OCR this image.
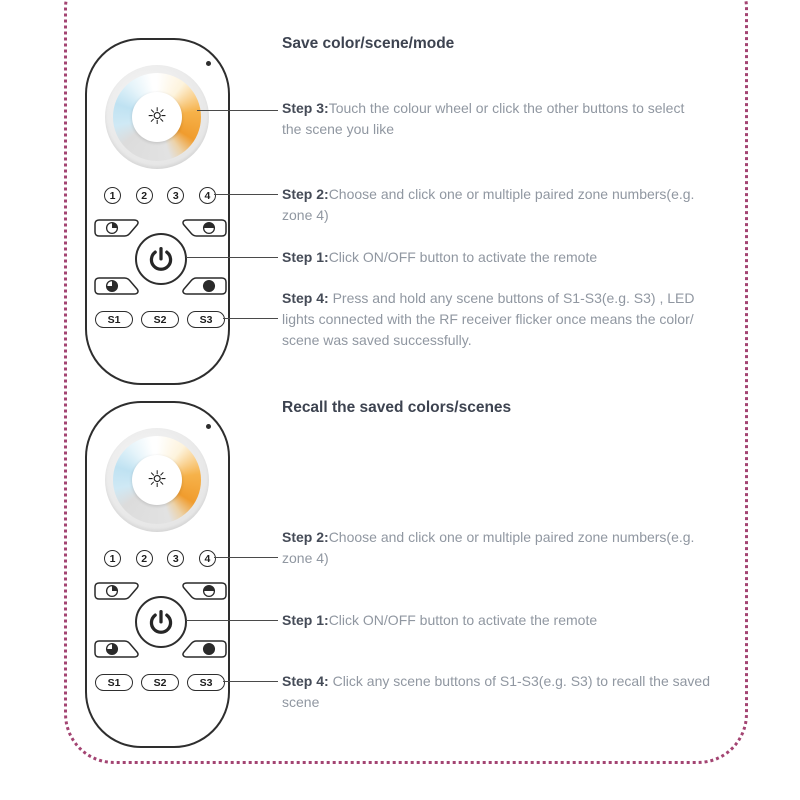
☼
1	2	3	4
S1	S2	S3
☼
1	2	3	4
S1	S2	S3
Save color/scene/mode
Step 3:Touch the colour wheel or click the other buttons to select
the scene you like
Step 2:Choose and click one or multiple paired zone numbers(e.g.
zone 4)
Step 1:Click ON/OFF button to activate the remote
Step 4: Press and hold any scene buttons of S1-S3(e.g. S3) , LED
lights connected with the RF receiver flicker once means the color/
scene was saved successfully.
Recall the saved colors/scenes
Step 2:Choose and click one or multiple paired zone numbers(e.g.
zone 4)
Step 1:Click ON/OFF button to activate the remote
Step 4: Click any scene buttons of S1-S3(e.g. S3) to recall the saved
scene
